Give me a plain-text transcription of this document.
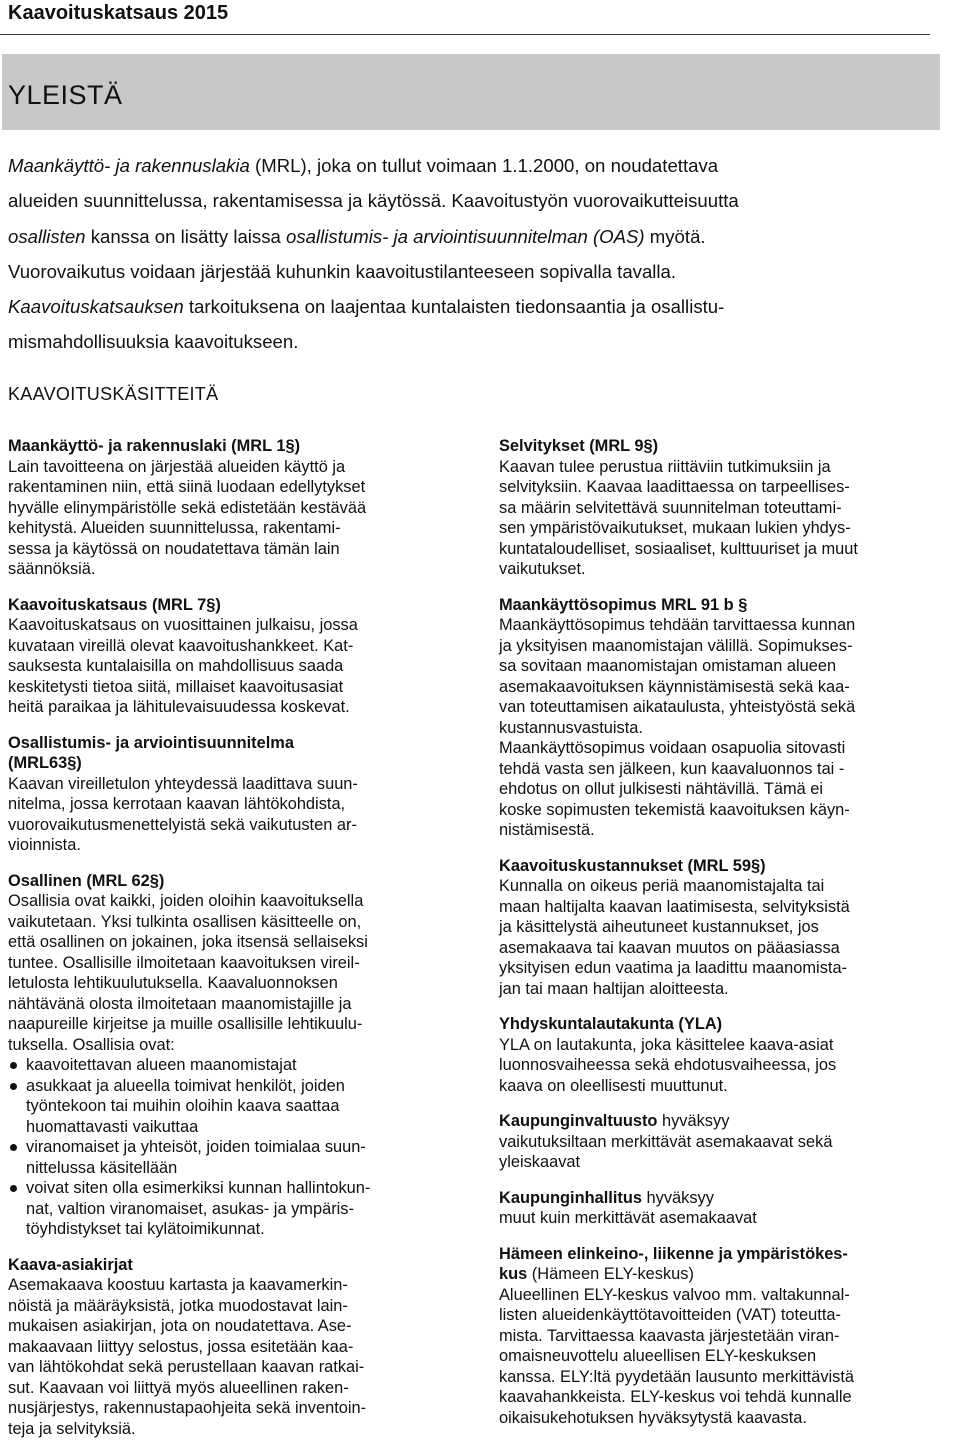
Kaavoituskatsaus 2015
YLEISTÄ
Maankäyttö- ja rakennuslakia (MRL), joka on tullut voimaan 1.1.2000, on noudatettava
alueiden suunnittelussa, rakentamisessa ja käytössä. Kaavoitustyön vuorovaikutteisuutta
osallisten kanssa on lisätty laissa osallistumis- ja arviointisuunnitelman (OAS) myötä.
Vuorovaikutus voidaan järjestää kuhunkin kaavoitustilanteeseen sopivalla tavalla.
Kaavoituskatsauksen tarkoituksena on laajentaa kuntalaisten tiedonsaantia ja osallistu-
mismahdollisuuksia kaavoitukseen.
KAAVOITUSKÄSITTEITÄ
Maankäyttö- ja rakennuslaki (MRL 1§)
Lain tavoitteena on järjestää alueiden käyttö ja
rakentaminen niin, että siinä luodaan edellytykset
hyvälle elinympäristölle sekä edistetään kestävää
kehitystä. Alueiden suunnittelussa, rakentami-
sessa ja käytössä on noudatettava tämän lain
säännöksiä.
Kaavoituskatsaus (MRL 7§)
Kaavoituskatsaus on vuosittainen julkaisu, jossa
kuvataan vireillä olevat kaavoitushankkeet. Kat-
sauksesta kuntalaisilla on mahdollisuus saada
keskitetysti tietoa siitä, millaiset kaavoitusasiat
heitä paraikaa ja lähitulevaisuudessa koskevat.
Osallistumis- ja arviointisuunnitelma
(MRL63§)
Kaavan vireilletulon yhteydessä laadittava suun-
nitelma, jossa kerrotaan kaavan lähtökohdista,
vuorovaikutusmenettelyistä sekä vaikutusten ar-
vioinnista.
Osallinen (MRL 62§)
Osallisia ovat kaikki, joiden oloihin kaavoituksella
vaikutetaan. Yksi tulkinta osallisen käsitteelle on,
että osallinen on jokainen, joka itsensä sellaiseksi
tuntee. Osallisille ilmoitetaan kaavoituksen vireil-
letulosta lehtikuulutuksella. Kaavaluonnoksen
nähtävänä olosta ilmoitetaan maanomistajille ja
naapureille kirjeitse ja muille osallisille lehtikuulu-
tuksella. Osallisia ovat:
kaavoitettavan alueen maanomistajat
asukkaat ja alueella toimivat henkilöt, joiden
työntekoon tai muihin oloihin kaava saattaa
huomattavasti vaikuttaa
viranomaiset ja yhteisöt, joiden toimialaa suun-
nittelussa käsitellään
voivat siten olla esimerkiksi kunnan hallintokun-
nat, valtion viranomaiset, asukas- ja ympäris-
töyhdistykset tai kylätoimikunnat.
Kaava-asiakirjat
Asemakaava koostuu kartasta ja kaavamerkin-
nöistä ja määräyksistä, jotka muodostavat lain-
mukaisen asiakirjan, jota on noudatettava. Ase-
makaavaan liittyy selostus, jossa esitetään kaa-
van lähtökohdat sekä perustellaan kaavan ratkai-
sut. Kaavaan voi liittyä myös alueellinen raken-
nusjärjestys, rakennustapaohjeita sekä inventoin-
teja ja selvityksiä.
Selvitykset (MRL 9§)
Kaavan tulee perustua riittäviin tutkimuksiin ja
selvityksiin. Kaavaa laadittaessa on tarpeellises-
sa määrin selvitettävä suunnitelman toteuttami-
sen ympäristövaikutukset, mukaan lukien yhdys-
kuntataloudelliset, sosiaaliset, kulttuuriset ja muut
vaikutukset.
Maankäyttösopimus MRL 91 b §
Maankäyttösopimus tehdään tarvittaessa kunnan
ja yksityisen maanomistajan välillä. Sopimukses-
sa sovitaan maanomistajan omistaman alueen
asemakaavoituksen käynnistämisestä sekä kaa-
van toteuttamisen aikataulusta, yhteistyöstä sekä
kustannusvastuista.
Maankäyttösopimus voidaan osapuolia sitovasti
tehdä vasta sen jälkeen, kun kaavaluonnos tai -
ehdotus on ollut julkisesti nähtävillä. Tämä ei
koske sopimusten tekemistä kaavoituksen käyn-
nistämisestä.
Kaavoituskustannukset (MRL 59§)
Kunnalla on oikeus periä maanomistajalta tai
maan haltijalta kaavan laatimisesta, selvityksistä
ja käsittelystä aiheutuneet kustannukset, jos
asemakaava tai kaavan muutos on pääasiassa
yksityisen edun vaatima ja laadittu maanomista-
jan tai maan haltijan aloitteesta.
Yhdyskuntalautakunta (YLA)
YLA on lautakunta, joka käsittelee kaava-asiat
luonnosvaiheessa sekä ehdotusvaiheessa, jos
kaava on oleellisesti muuttunut.
Kaupunginvaltuusto hyväksyy
vaikutuksiltaan merkittävät asemakaavat sekä
yleiskaavat
Kaupunginhallitus hyväksyy
muut kuin merkittävät asemakaavat
Hämeen elinkeino-, liikenne ja ympäristökes-
kus (Hämeen ELY-keskus)
Alueellinen ELY-keskus valvoo mm. valtakunnal-
listen alueidenkäyttötavoitteiden (VAT) toteutta-
mista. Tarvittaessa kaavasta järjestetään viran-
omaisneuvottelu alueellisen ELY-keskuksen
kanssa. ELY:ltä pyydetään lausunto merkittävistä
kaavahankkeista. ELY-keskus voi tehdä kunnalle
oikaisukehotuksen hyväksytystä kaavasta.
